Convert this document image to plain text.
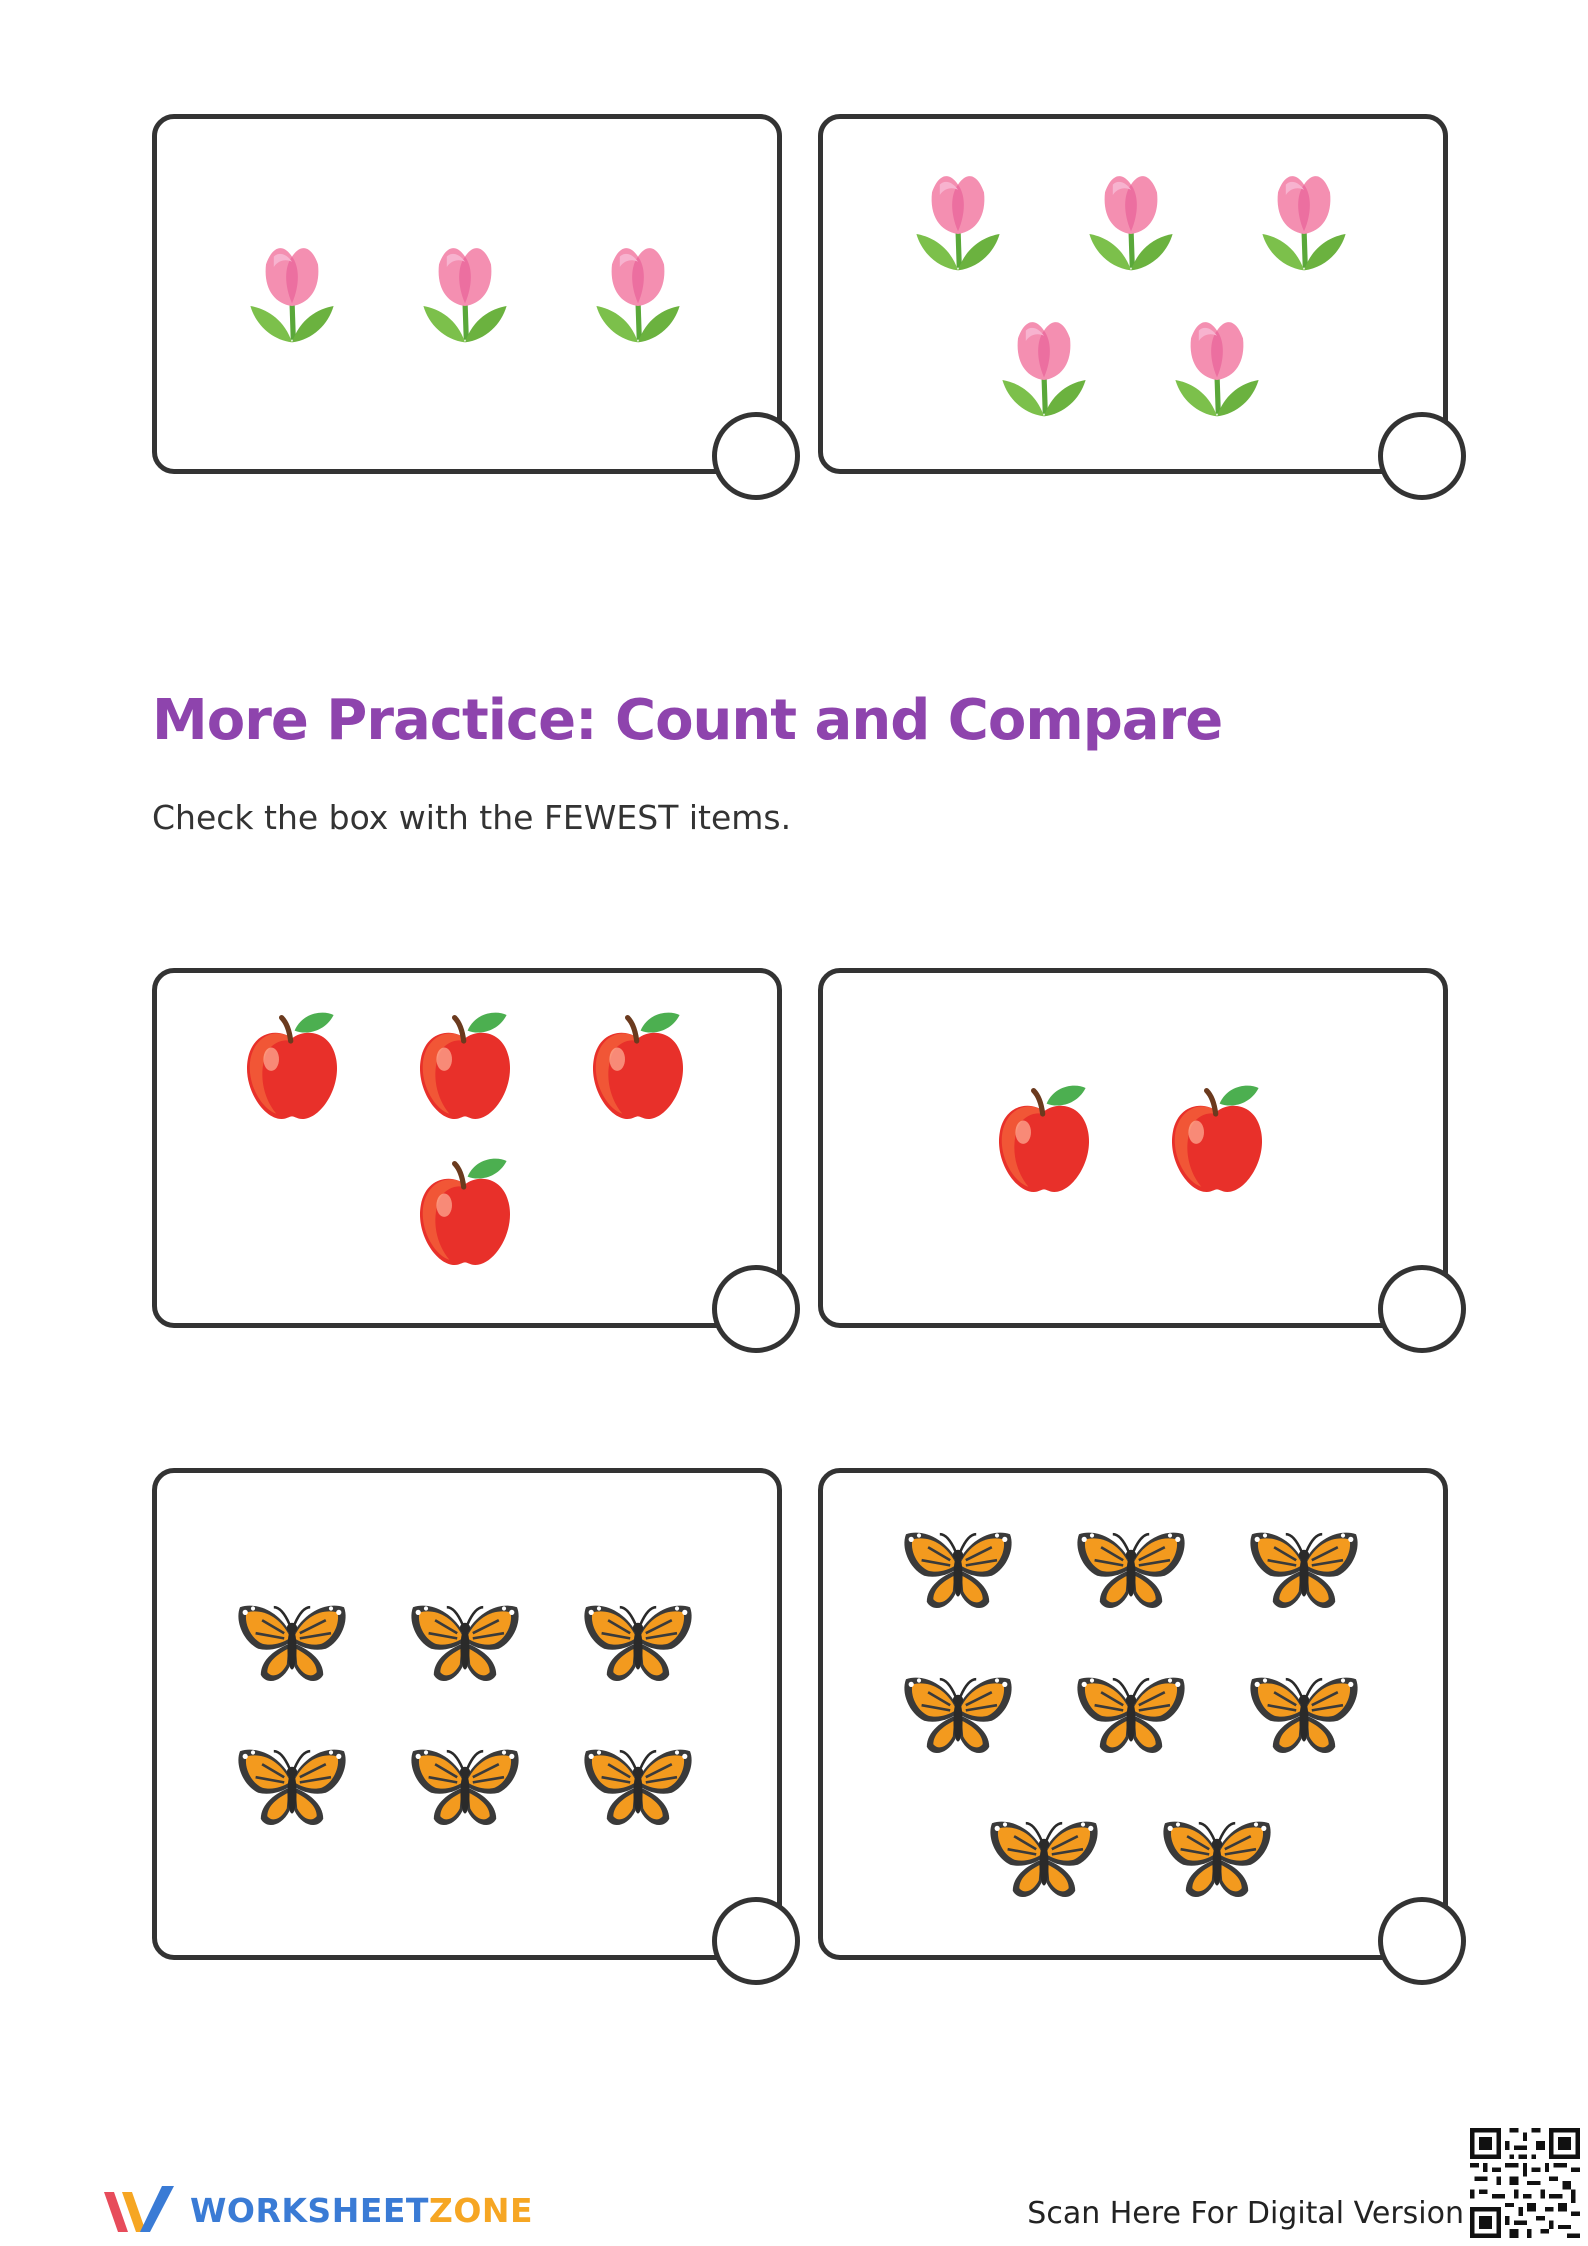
More Practice: Count and Compare
Check the box with the FEWEST items.
WORKSHEETZONE	Scan Here For Digital Version
